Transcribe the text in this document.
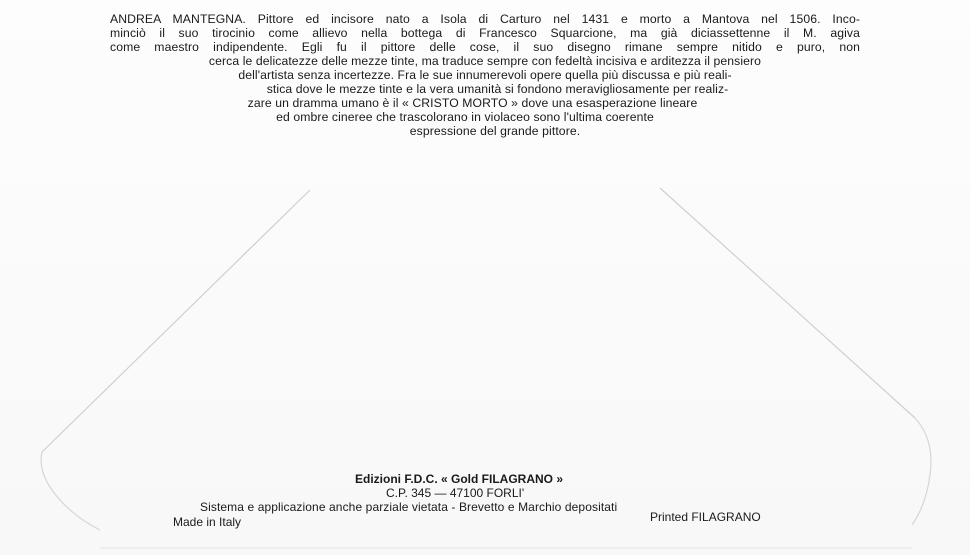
ANDREA MANTEGNA. Pittore ed incisore nato a Isola di Carturo nel 1431 e morto a Mantova nel 1506. Inco-
minciò il suo tirocinio come allievo nella bottega di Francesco Squarcione, ma già diciassettenne il M. agiva
come maestro indipendente. Egli fu il pittore delle cose, il suo disegno rimane sempre nitido e puro, non
cerca le delicatezze delle mezze tinte, ma traduce sempre con fedeltà incisiva e arditezza il pensiero
dell'artista senza incertezze. Fra le sue innumerevoli opere quella più discussa e più reali-
stica dove le mezze tinte e la vera umanità si fondono meravigliosamente per realiz-
zare un dramma umano è il « CRISTO MORTO » dove una esasperazione lineare
ed ombre cineree che trascolorano in violaceo sono l'ultima coerente
espressione del grande pittore.
Edizioni F.D.C. « Gold FILAGRANO »
C.P. 345 — 47100 FORLI'
Sistema e applicazione anche parziale vietata - Brevetto e Marchio depositati
Made in Italy	Printed FILAGRANO
